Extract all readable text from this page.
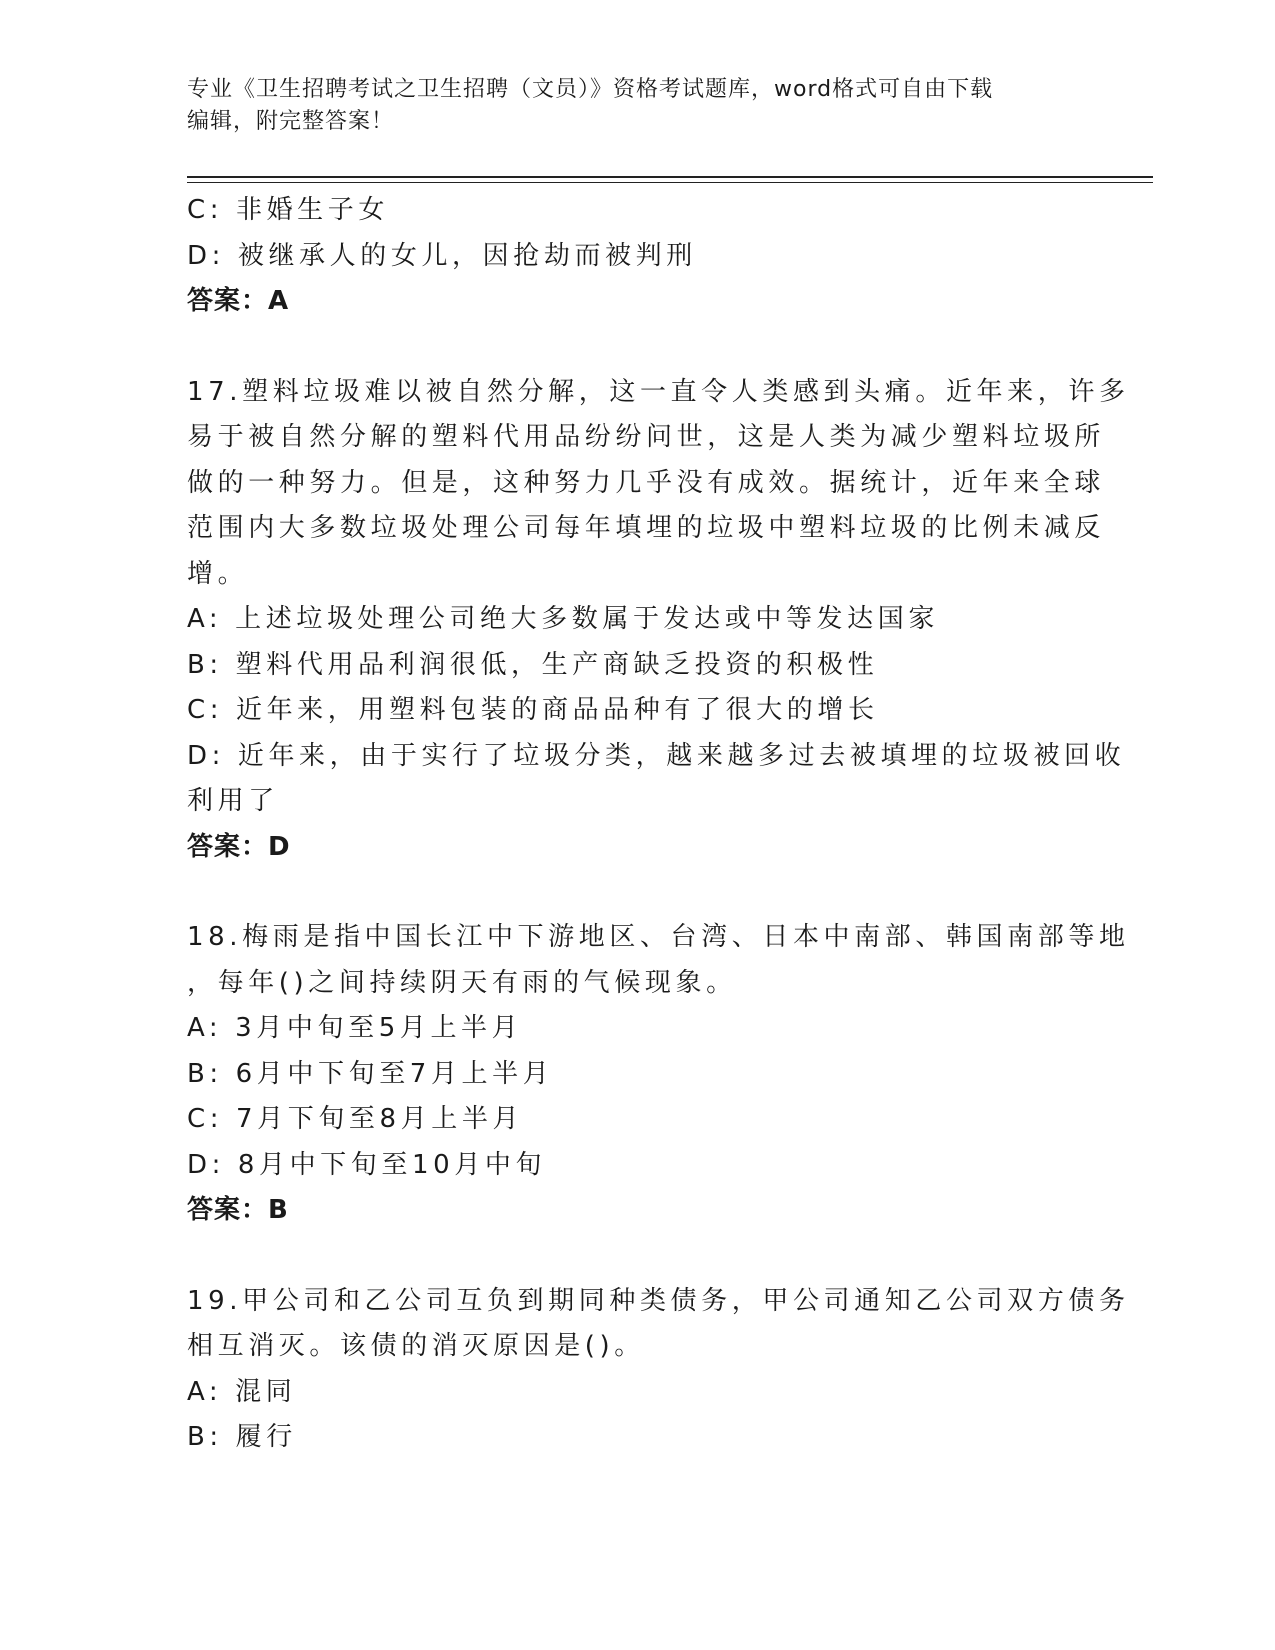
专业《卫生招聘考试之卫生招聘（文员）》资格考试题库，word格式可自由下载
编辑，附完整答案！
C: 非婚生子女
D: 被继承人的女儿，因抢劫而被判刑
答案：A
17.塑料垃圾难以被自然分解，这一直令人类感到头痛。近年来，许多
易于被自然分解的塑料代用品纷纷问世，这是人类为减少塑料垃圾所
做的一种努力。但是，这种努力几乎没有成效。据统计，近年来全球
范围内大多数垃圾处理公司每年填埋的垃圾中塑料垃圾的比例未减反
增。
A: 上述垃圾处理公司绝大多数属于发达或中等发达国家
B: 塑料代用品利润很低，生产商缺乏投资的积极性
C: 近年来，用塑料包装的商品品种有了很大的增长
D: 近年来，由于实行了垃圾分类，越来越多过去被填埋的垃圾被回收
利用了
答案：D
18.梅雨是指中国长江中下游地区、台湾、日本中南部、韩国南部等地
，每年()之间持续阴天有雨的气候现象。
A: 3月中旬至5月上半月
B: 6月中下旬至7月上半月
C: 7月下旬至8月上半月
D: 8月中下旬至10月中旬
答案：B
19.甲公司和乙公司互负到期同种类债务，甲公司通知乙公司双方债务
相互消灭。该债的消灭原因是()。
A: 混同
B: 履行
